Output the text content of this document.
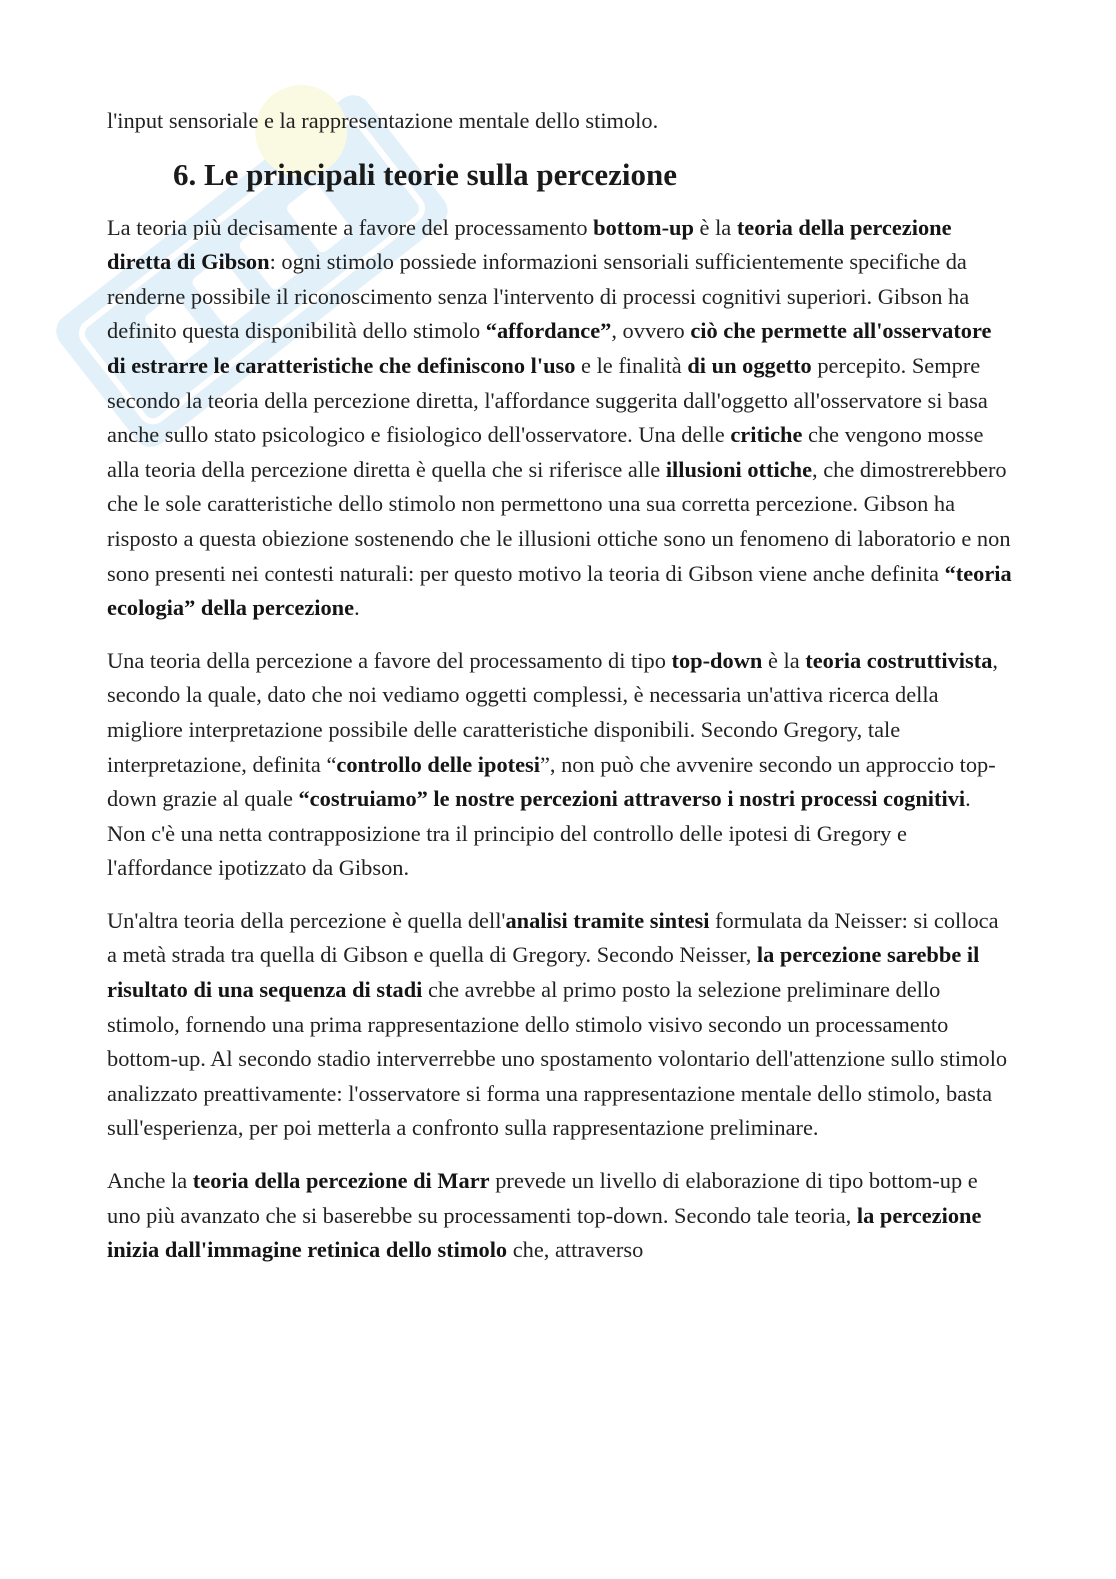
l'input sensoriale e la rappresentazione mentale dello stimolo.

6. Le principali teorie sulla percezione

La teoria più decisamente a favore del processamento bottom-up è la teoria della percezione diretta di Gibson: ogni stimolo possiede informazioni sensoriali sufficientemente specifiche da renderne possibile il riconoscimento senza l'intervento di processi cognitivi superiori. Gibson ha definito questa disponibilità dello stimolo “affordance”, ovvero ciò che permette all'osservatore di estrarre le caratteristiche che definiscono l'uso e le finalità di un oggetto percepito. Sempre secondo la teoria della percezione diretta, l'affordance suggerita dall'oggetto all'osservatore si basa anche sullo stato psicologico e fisiologico dell'osservatore. Una delle critiche che vengono mosse alla teoria della percezione diretta è quella che si riferisce alle illusioni ottiche, che dimostrerebbero che le sole caratteristiche dello stimolo non permettono una sua corretta percezione. Gibson ha risposto a questa obiezione sostenendo che le illusioni ottiche sono un fenomeno di laboratorio e non sono presenti nei contesti naturali: per questo motivo la teoria di Gibson viene anche definita “teoria ecologia” della percezione.

Una teoria della percezione a favore del processamento di tipo top-down è la teoria costruttivista, secondo la quale, dato che noi vediamo oggetti complessi, è necessaria un'attiva ricerca della migliore interpretazione possibile delle caratteristiche disponibili. Secondo Gregory, tale interpretazione, definita “controllo delle ipotesi”, non può che avvenire secondo un approccio top-down grazie al quale “costruiamo” le nostre percezioni attraverso i nostri processi cognitivi. Non c'è una netta contrapposizione tra il principio del controllo delle ipotesi di Gregory e l'affordance ipotizzato da Gibson.

Un'altra teoria della percezione è quella dell'analisi tramite sintesi formulata da Neisser: si colloca a metà strada tra quella di Gibson e quella di Gregory. Secondo Neisser, la percezione sarebbe il risultato di una sequenza di stadi che avrebbe al primo posto la selezione preliminare dello stimolo, fornendo una prima rappresentazione dello stimolo visivo secondo un processamento bottom-up. Al secondo stadio interverrebbe uno spostamento volontario dell'attenzione sullo stimolo analizzato preattivamente: l'osservatore si forma una rappresentazione mentale dello stimolo, basta sull'esperienza, per poi metterla a confronto sulla rappresentazione preliminare.

Anche la teoria della percezione di Marr prevede un livello di elaborazione di tipo bottom-up e uno più avanzato che si baserebbe su processamenti top-down. Secondo tale teoria, la percezione inizia dall'immagine retinica dello stimolo che, attraverso
